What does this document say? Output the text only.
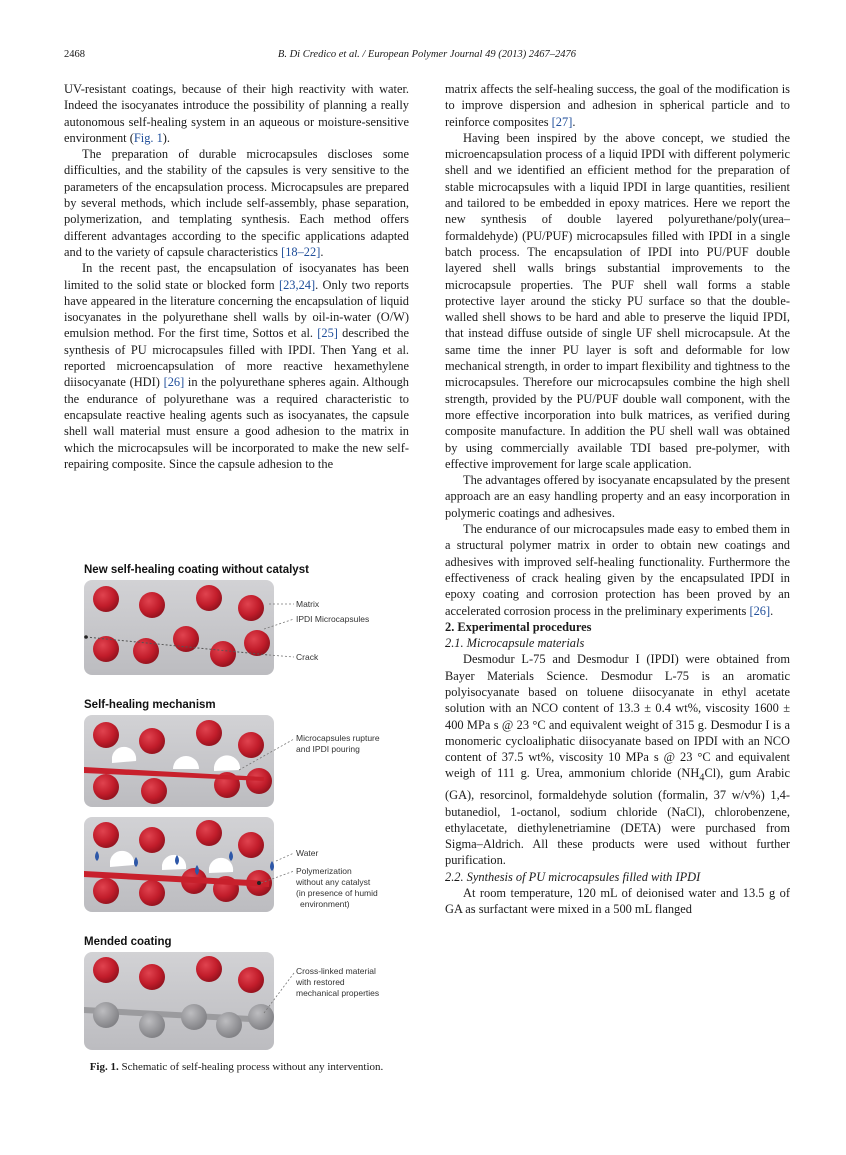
2468	B. Di Credico et al. / European Polymer Journal 49 (2013) 2467–2476

UV-resistant coatings, because of their high reactivity with water. Indeed the isocyanates introduce the possibility of planning a really autonomous self-healing system in an aqueous or moisture-sensitive environment (Fig. 1).

The preparation of durable microcapsules discloses some difficulties, and the stability of the capsules is very sensitive to the parameters of the encapsulation process. Microcapsules are prepared by several methods, which include self-assembly, phase separation, polymerization, and templating synthesis. Each method offers different advantages according to the specific applications adapted and to the variety of capsule characteristics [18–22].

In the recent past, the encapsulation of isocyanates has been limited to the solid state or blocked form [23,24]. Only two reports have appeared in the literature concerning the encapsulation of liquid isocyanates in the polyurethane shell walls by oil-in-water (O/W) emulsion method. For the first time, Sottos et al. [25] described the synthesis of PU microcapsules filled with IPDI. Then Yang et al. reported microencapsulation of more reactive hexamethylene diisocyanate (HDI) [26] in the polyurethane spheres again. Although the endurance of polyurethane was a required characteristic to encapsulate reactive healing agents such as isocyanates, the capsule shell wall material must ensure a good adhesion to the matrix in which the microcapsules will be incorporated to make the new self-repairing composite. Since the capsule adhesion to the

New self-healing coating without catalyst
Matrix
IPDI Microcapsules
Crack
Self-healing mechanism
Microcapsules rupture
and IPDI pouring
Water
Polymerization
without any catalyst
(in presence of humid
environment)
Mended coating
Cross-linked material
with restored
mechanical properties
Fig. 1. Schematic of self-healing process without any intervention.

matrix affects the self-healing success, the goal of the modification is to improve dispersion and adhesion in spherical particle and to reinforce composites [27].

Having been inspired by the above concept, we studied the microencapsulation process of a liquid IPDI with different polymeric shell and we identified an efficient method for the preparation of stable microcapsules with a liquid IPDI in large quantities, resilient and tailored to be embedded in epoxy matrices. Here we report the new synthesis of double layered polyurethane/poly(urea–formaldehyde) (PU/PUF) microcapsules filled with IPDI in a single batch process. The encapsulation of IPDI into PU/PUF double layered shell walls brings substantial improvements to the microcapsule properties. The PUF shell wall forms a stable protective layer around the sticky PU surface so that the double-walled shell shows to be hard and able to preserve the liquid IPDI, that instead diffuse outside of single UF shell microcapsule. At the same time the inner PU layer is soft and deformable for low mechanical strength, in order to impart flexibility and tightness to the microcapsules. Therefore our microcapsules combine the high shell strength, provided by the PU/PUF double wall component, with the more effective incorporation into bulk matrices, as verified during composite manufacture. In addition the PU shell wall was obtained by using commercially available TDI based pre-polymer, with effective improvement for large scale application.

The advantages offered by isocyanate encapsulated by the present approach are an easy handling property and an easy incorporation in polymeric coatings and adhesives.

The endurance of our microcapsules made easy to embed them in a structural polymer matrix in order to obtain new coatings and adhesives with improved self-healing functionality. Furthermore the effectiveness of crack healing given by the encapsulated IPDI in epoxy coating and corrosion protection has been proved by an accelerated corrosion process in the preliminary experiments [26].

2. Experimental procedures

2.1. Microcapsule materials

Desmodur L-75 and Desmodur I (IPDI) were obtained from Bayer Materials Science. Desmodur L-75 is an aromatic polyisocyanate based on toluene diisocyanate in ethyl acetate solution with an NCO content of 13.3 ± 0.4 wt%, viscosity 1600 ± 400 MPa s @ 23 °C and equivalent weight of 315 g. Desmodur I is a monomeric cycloaliphatic diisocyanate based on IPDI with an NCO content of 37.5 wt%, viscosity 10 MPa s @ 23 °C and equivalent weigh of 111 g. Urea, ammonium chloride $(NH_4Cl)$, gum Arabic (GA), resorcinol, formaldehyde solution (formalin, 37 w/v%) 1,4-butanediol, 1-octanol, sodium chloride (NaCl), chlorobenzene, ethylacetate, diethylenetriamine (DETA) were purchased from Sigma–Aldrich. All these products were used without further purification.

2.2. Synthesis of PU microcapsules filled with IPDI

At room temperature, 120 mL of deionised water and 13.5 g of GA as surfactant were mixed in a 500 mL flanged
